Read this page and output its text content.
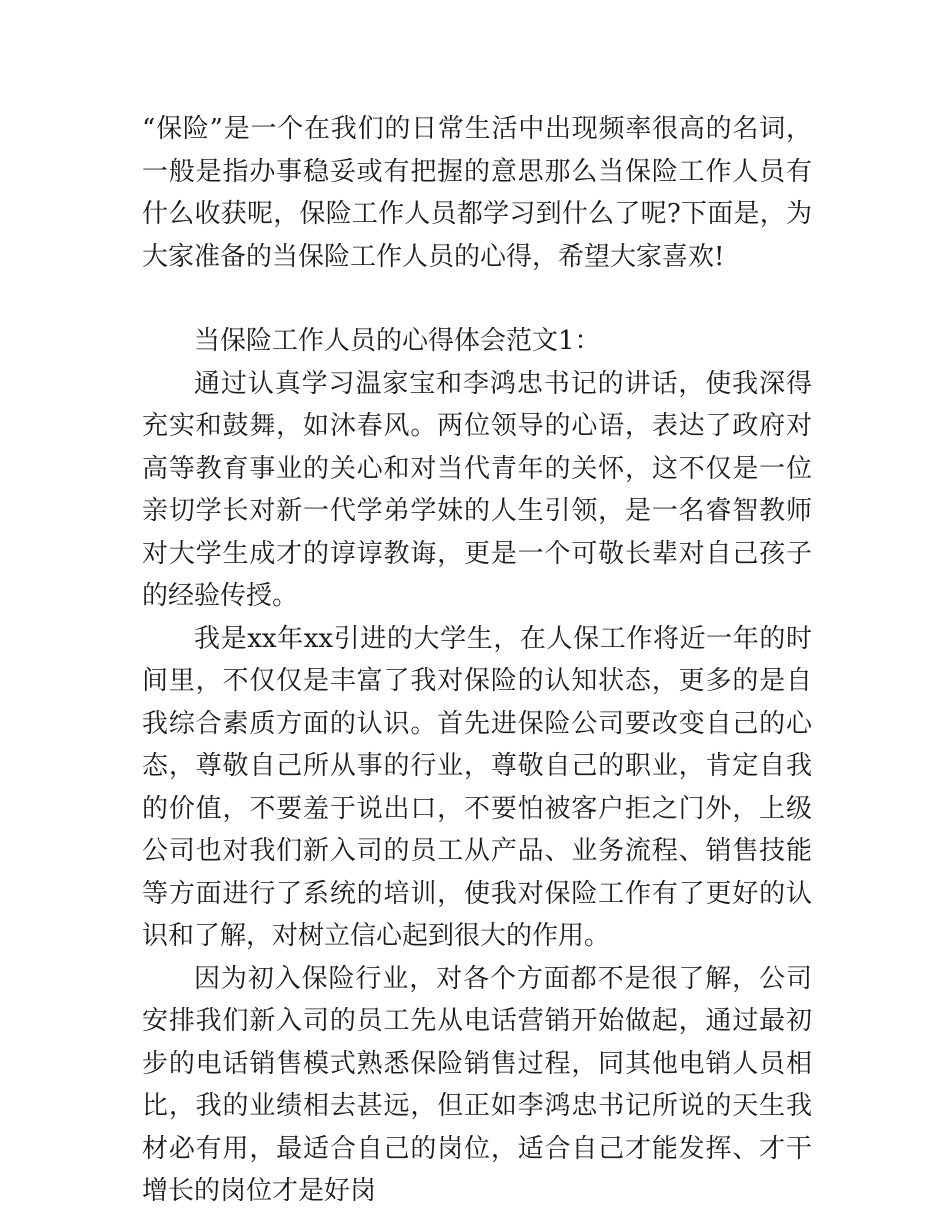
“保险”是一个在我们的日常生活中出现频率很高的名词，一般是指办事稳妥或有把握的意思那么当保险工作人员有什么收获呢，保险工作人员都学习到什么了呢?下面是，为大家准备的当保险工作人员的心得，希望大家喜欢!

当保险工作人员的心得体会范文1：

通过认真学习温家宝和李鸿忠书记的讲话，使我深得充实和鼓舞，如沐春风。两位领导的心语，表达了政府对高等教育事业的关心和对当代青年的关怀，这不仅是一位亲切学长对新一代学弟学妹的人生引领，是一名睿智教师对大学生成才的谆谆教诲，更是一个可敬长辈对自己孩子的经验传授。

我是xx年xx引进的大学生，在人保工作将近一年的时间里，不仅仅是丰富了我对保险的认知状态，更多的是自我综合素质方面的认识。首先进保险公司要改变自己的心态，尊敬自己所从事的行业，尊敬自己的职业，肯定自我的价值，不要羞于说出口，不要怕被客户拒之门外，上级公司也对我们新入司的员工从产品、业务流程、销售技能等方面进行了系统的培训，使我对保险工作有了更好的认识和了解，对树立信心起到很大的作用。

因为初入保险行业，对各个方面都不是很了解，公司安排我们新入司的员工先从电话营销开始做起，通过最初步的电话销售模式熟悉保险销售过程，同其他电销人员相比，我的业绩相去甚远，但正如李鸿忠书记所说的天生我材必有用，最适合自己的岗位，适合自己才能发挥、才干增长的岗位才是好岗
